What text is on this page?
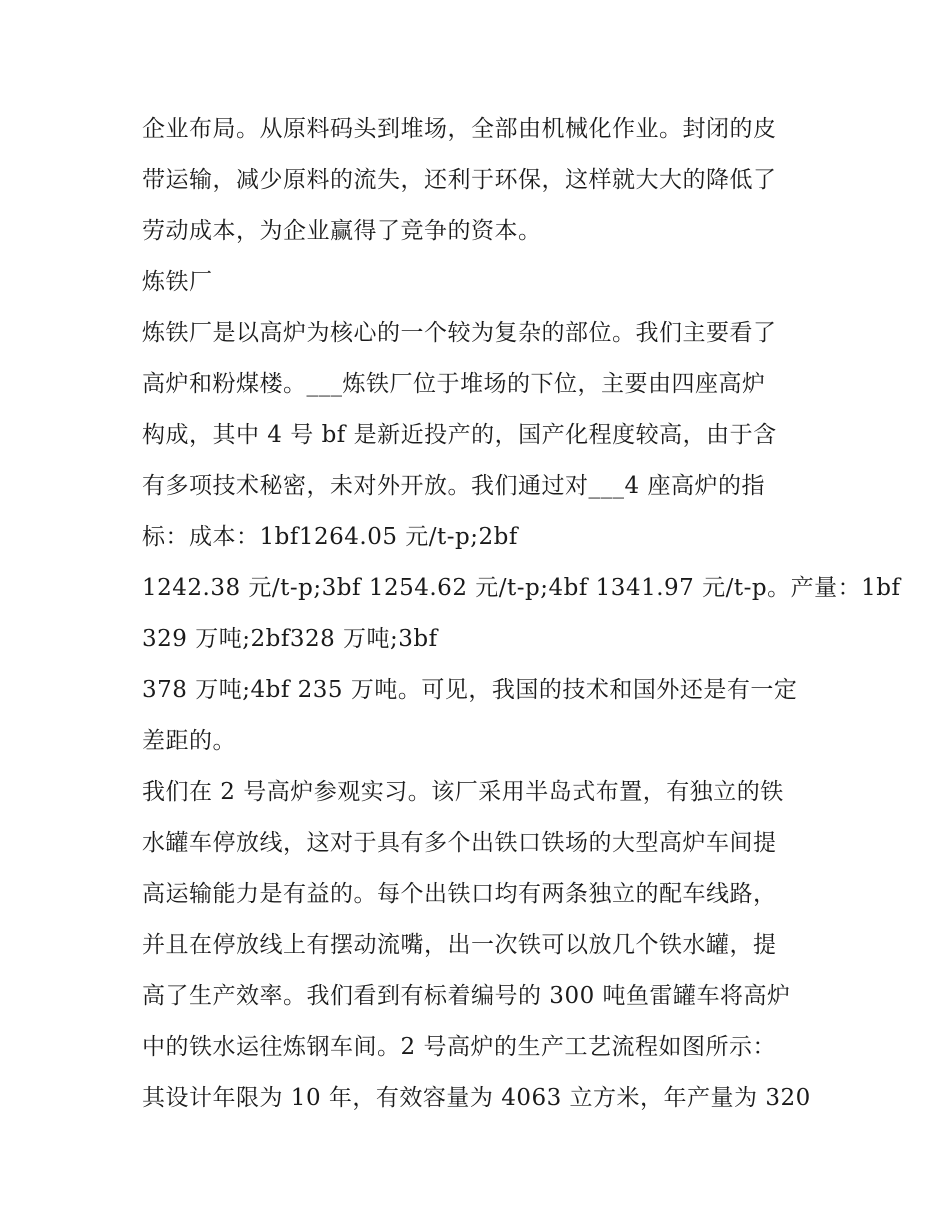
企业布局。从原料码头到堆场，全部由机械化作业。封闭的皮
带运输，减少原料的流失，还利于环保，这样就大大的降低了
劳动成本，为企业赢得了竞争的资本。
炼铁厂
炼铁厂是以高炉为核心的一个较为复杂的部位。我们主要看了
高炉和粉煤楼。___炼铁厂位于堆场的下位，主要由四座高炉
构成，其中 4 号 bf 是新近投产的，国产化程度较高，由于含
有多项技术秘密，未对外开放。我们通过对___4 座高炉的指
标：成本：1bf1264.05 元/t-p;2bf
1242.38 元/t-p;3bf 1254.62 元/t-p;4bf 1341.97 元/t-p。产量：1bf
329 万吨;2bf328 万吨;3bf
378 万吨;4bf 235 万吨。可见，我国的技术和国外还是有一定
差距的。
我们在 2 号高炉参观实习。该厂采用半岛式布置，有独立的铁
水罐车停放线，这对于具有多个出铁口铁场的大型高炉车间提
高运输能力是有益的。每个出铁口均有两条独立的配车线路，
并且在停放线上有摆动流嘴，出一次铁可以放几个铁水罐，提
高了生产效率。我们看到有标着编号的 300 吨鱼雷罐车将高炉
中的铁水运往炼钢车间。2 号高炉的生产工艺流程如图所示：
其设计年限为 10 年，有效容量为 4063 立方米，年产量为 320
